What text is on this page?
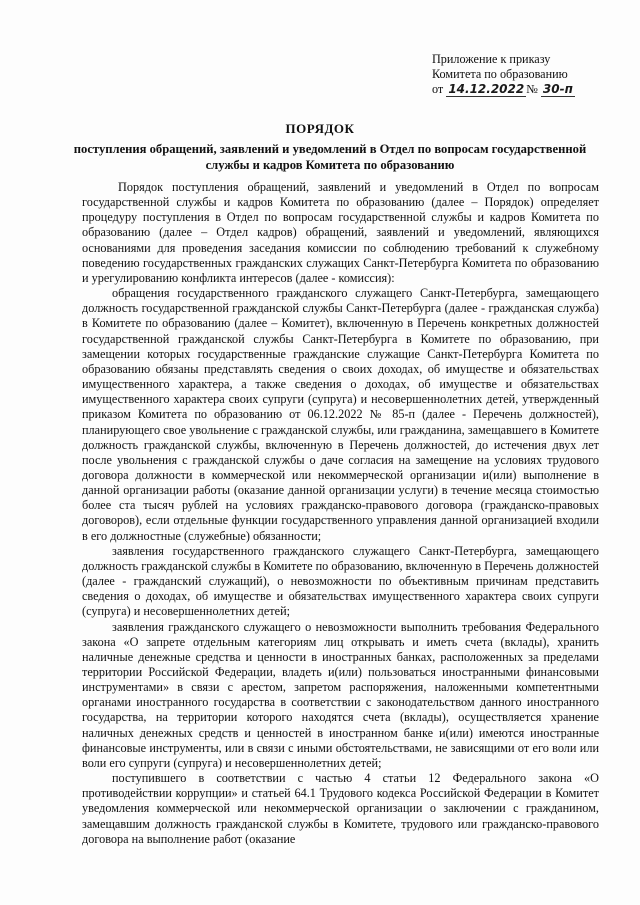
Приложение к приказу
Комитета по образованию
от 14.12.2022 № 30-п
ПОРЯДОК
поступления обращений, заявлений и уведомлений в Отдел по вопросам государственной службы и кадров Комитета по образованию

Порядок поступления обращений, заявлений и уведомлений в Отдел по вопросам государственной службы и кадров Комитета по образованию (далее – Порядок) определяет процедуру поступления в Отдел по вопросам государственной службы и кадров Комитета по образованию (далее – Отдел кадров) обращений, заявлений и уведомлений, являющихся основаниями для проведения заседания комиссии по соблюдению требований к служебному поведению государственных гражданских служащих Санкт-Петербурга Комитета по образованию и урегулированию конфликта интересов (далее - комиссия):

обращения государственного гражданского служащего Санкт-Петербурга, замещающего должность государственной гражданской службы Санкт-Петербурга (далее - гражданская служба) в Комитете по образованию (далее – Комитет), включенную в Перечень конкретных должностей государственной гражданской службы Санкт-Петербурга в Комитете по образованию, при замещении которых государственные гражданские служащие Санкт-Петербурга Комитета по образованию обязаны представлять сведения о своих доходах, об имуществе и обязательствах имущественного характера, а также сведения о доходах, об имуществе и обязательствах имущественного характера своих супруги (супруга) и несовершеннолетних детей, утвержденный приказом Комитета по образованию от 06.12.2022 № 85-п (далее - Перечень должностей), планирующего свое увольнение с гражданской службы, или гражданина, замещавшего в Комитете должность гражданской службы, включенную в Перечень должностей, до истечения двух лет после увольнения с гражданской службы о даче согласия на замещение на условиях трудового договора должности в коммерческой или некоммерческой организации и(или) выполнение в данной организации работы (оказание данной организации услуги) в течение месяца стоимостью более ста тысяч рублей на условиях гражданско-правового договора (гражданско-правовых договоров), если отдельные функции государственного управления данной организацией входили в его должностные (служебные) обязанности;

заявления государственного гражданского служащего Санкт-Петербурга, замещающего должность гражданской службы в Комитете по образованию, включенную в Перечень должностей (далее - гражданский служащий), о невозможности по объективным причинам представить сведения о доходах, об имуществе и обязательствах имущественного характера своих супруги (супруга) и несовершеннолетних детей;

заявления гражданского служащего о невозможности выполнить требования Федерального закона «О запрете отдельным категориям лиц открывать и иметь счета (вклады), хранить наличные денежные средства и ценности в иностранных банках, расположенных за пределами территории Российской Федерации, владеть и(или) пользоваться иностранными финансовыми инструментами» в связи с арестом, запретом распоряжения, наложенными компетентными органами иностранного государства в соответствии с законодательством данного иностранного государства, на территории которого находятся счета (вклады), осуществляется хранение наличных денежных средств и ценностей в иностранном банке и(или) имеются иностранные финансовые инструменты, или в связи с иными обстоятельствами, не зависящими от его воли или воли его супруги (супруга) и несовершеннолетних детей;

поступившего в соответствии с частью 4 статьи 12 Федерального закона «О противодействии коррупции» и статьей 64.1 Трудового кодекса Российской Федерации в Комитет уведомления коммерческой или некоммерческой организации о заключении с гражданином, замещавшим должность гражданской службы в Комитете, трудового или гражданско-правового договора на выполнение работ (оказание
